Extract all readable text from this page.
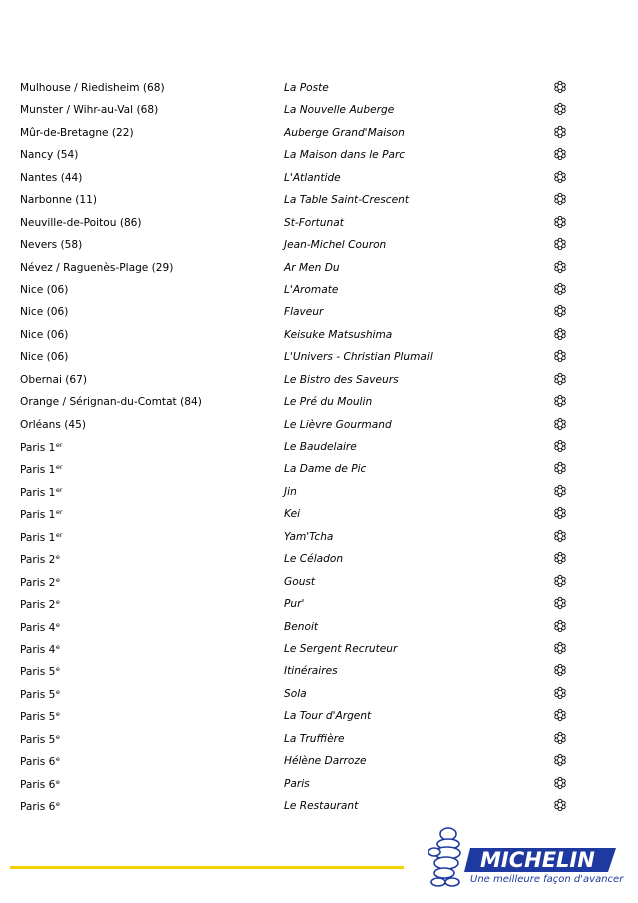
Mulhouse / Riedisheim (68)	La Poste
Munster / Wihr-au-Val (68)	La Nouvelle Auberge
Mûr-de-Bretagne (22)	Auberge Grand'Maison
Nancy (54)	La Maison dans le Parc
Nantes (44)	L'Atlantide
Narbonne (11)	La Table Saint-Crescent
Neuville-de-Poitou (86)	St-Fortunat
Nevers (58)	Jean-Michel Couron
Névez / Raguenès-Plage (29)	Ar Men Du
Nice (06)	L'Aromate
Nice (06)	Flaveur
Nice (06)	Keisuke Matsushima
Nice (06)	L'Univers - Christian Plumail
Obernai (67)	Le Bistro des Saveurs
Orange / Sérignan-du-Comtat (84)	Le Pré du Moulin
Orléans (45)	Le Lièvre Gourmand
Paris 1er	Le Baudelaire
Paris 1er	La Dame de Pic
Paris 1er	Jin
Paris 1er	Kei
Paris 1er	Yam'Tcha
Paris 2e	Le Céladon
Paris 2e	Goust
Paris 2e	Pur'
Paris 4e	Benoit
Paris 4e	Le Sergent Recruteur
Paris 5e	Itinéraires
Paris 5e	Sola
Paris 5e	La Tour d'Argent
Paris 5e	La Truffière
Paris 6e	Hélène Darroze
Paris 6e	Paris
Paris 6e	Le Restaurant
MICHELIN
Une meilleure façon d'avancer
